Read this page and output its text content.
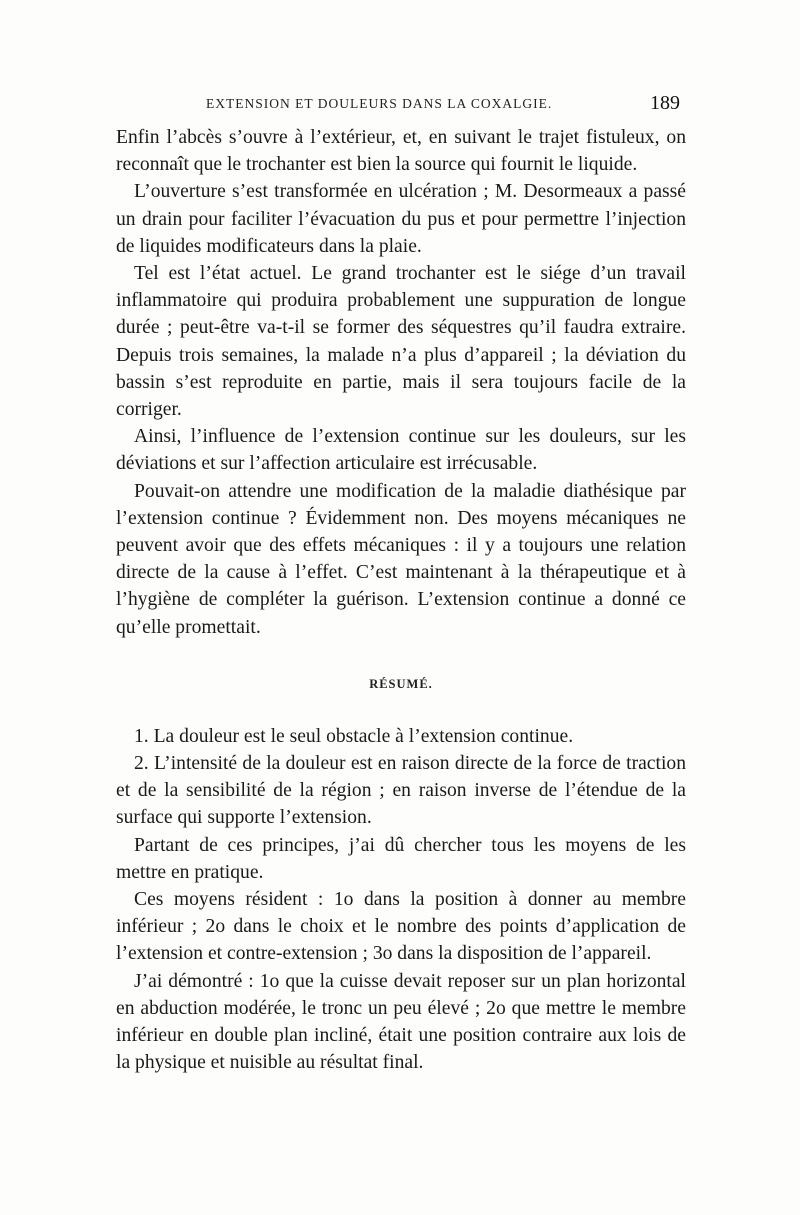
EXTENSION ET DOULEURS DANS LA COXALGIE.	189

Enfin l’abcès s’ouvre à l’extérieur, et, en suivant le trajet fistuleux, on reconnaît que le trochanter est bien la source qui fournit le liquide.

L’ouverture s’est transformée en ulcération ; M. Desormeaux a passé un drain pour faciliter l’évacuation du pus et pour permettre l’injection de liquides modificateurs dans la plaie.

Tel est l’état actuel. Le grand trochanter est le siége d’un travail inflammatoire qui produira probablement une suppuration de longue durée ; peut-être va-t-il se former des séquestres qu’il faudra extraire. Depuis trois semaines, la malade n’a plus d’appareil ; la déviation du bassin s’est reproduite en partie, mais il sera toujours facile de la corriger.

Ainsi, l’influence de l’extension continue sur les douleurs, sur les déviations et sur l’affection articulaire est irrécusable.

Pouvait-on attendre une modification de la maladie diathésique par l’extension continue ? Évidemment non. Des moyens mécaniques ne peuvent avoir que des effets mécaniques : il y a toujours une relation directe de la cause à l’effet. C’est maintenant à la thérapeutique et à l’hygiène de compléter la guérison. L’extension continue a donné ce qu’elle promettait.

RÉSUMÉ.

1. La douleur est le seul obstacle à l’extension continue.

2. L’intensité de la douleur est en raison directe de la force de traction et de la sensibilité de la région ; en raison inverse de l’étendue de la surface qui supporte l’extension.

Partant de ces principes, j’ai dû chercher tous les moyens de les mettre en pratique.

Ces moyens résident : 1o dans la position à donner au membre inférieur ; 2o dans le choix et le nombre des points d’application de l’extension et contre-extension ; 3o dans la disposition de l’appareil.

J’ai démontré : 1o que la cuisse devait reposer sur un plan horizontal en abduction modérée, le tronc un peu élevé ; 2o que mettre le membre inférieur en double plan incliné, était une position contraire aux lois de la physique et nuisible au résultat final.
